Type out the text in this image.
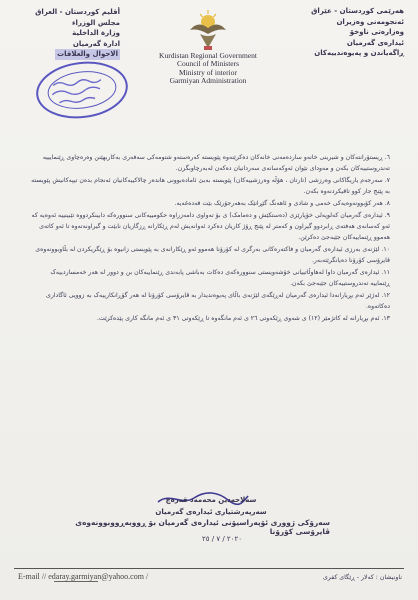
أقليم كوردستان - العراق
مجلس الوزراء
وزارة الداخلية
ادارة گەرميان
الاحوال والعلاقات	Kurdistan Regional Government
Council of Ministers
Ministry of interior
Garmiyan Administration
هەرێمی كوردستان - عێراق
ئەنجومەنی وەزیران
وەزارەتی ناوخۆ
ئیدارەی گەرمیان
ڕاگەیاندن و پەیوەندییەکان
٦. ڕیستۆرانتەکان و شیرینی خانەو ساردەمەنی خانەکان دەکرێنەوە پێویستە کەرەستەو شتومەکی سەفەری بەکاربهێنن وەرەچاوی ڕێنمایییە تەندروستییەکان بکەن و مەودای نێوان ئەوکەسانەی سەردانیان دەکەن لەبەرچاوبگرن.
٧. سەرجەم یاریگاکانی وەرزشی (تارتان ، هۆڵە وەرزشییەکان) پێویستە بەبێ ئامادەبوونی هاندەر چالاکییەکانیان ئەنجام بدەن تیپەکانیش پێویستە بە پێنج جار کوو تاقیکردنەوە بکەن.
٨. هەر کۆبوونەوەیەکی خەمی و شادی و ئاهەنگ گێڕانێک بەهەرجۆرێک بێت قەدەغەیە.
٩. ئیدارەی گەرمیان کەلوپەلی خۆپارێزی (دەستکێش و دەمامک) ی بۆ تەواوی دامەزراوە حکومییەکانی سنوورەکە دابینکردووە تێبینییە ئەوەیە کە ئەو کەسانەی هەفتەی ڕابردوو گیراون و کەمتر لە پێنج ڕۆژ کاریان دەکرد ئەوانەیش لەم ڕێکارانە ڕزگاریان نابێت و گیراونەتەوە تا ئەو کاتەی هەموو ڕێنماییەکان جێبەجێ دەکرێن.
١٠. لێژنەی بەرزی ئیدارەی گەرمیان و فاکتەرەکانی بەرگری لە کۆرۆنا هەموو ئەو ڕێکارانەی بە پێویستی زانیوە بۆ ڕێگریکردن لە بڵاوبوونەوەی ڤایرۆسی کۆرۆنا دەیانگرێتەبەر.
١١. ئیدارەی گەرمیان داوا لەهاوڵاتییانی خۆشەویستی سنوورەکەی دەکات بەباشی پابەندی ڕێنماییەکان بن و دوور لە هەر خەمساردییەک ڕێنماییە تەندروستییەکان جێبەجێ بکەن.
١٢. لەژێر ئەم بڕیارانەدا ئیدارەی گەرمیان لەڕێگەی لێژنەی باڵای پەیوەندیدار بە ڤایرۆسی کۆرۆنا لە هەر گۆڕانکارییەک بە زوویی ئاگاداری دەکاتەوە.
١٣. ئەم بڕیارانە لە کاتژمێر (١٢) ی شەوی ڕێکەوتی ٢٦ ی ئەم مانگەوە تا ڕێکەوتی ٣١ ی ئەم مانگە کاری پێدەکرێت.
سەلاحەدین محەمەد قەرەچ
سەرپەرشتیاری ئیدارەی گەرمیان
سەرۆکی ژووری ئۆپەراسیۆنی ئیدارەی گەرمیان بۆ ڕووبەڕووبوونەوەی ڤایرۆسی کۆرۆنا
٢٠٢٠ / ٧ / ٢٥
E-mail // edaray.garmiyan@yahoo.com /	ناونیشان : کەلار - ڕێگای کفری
